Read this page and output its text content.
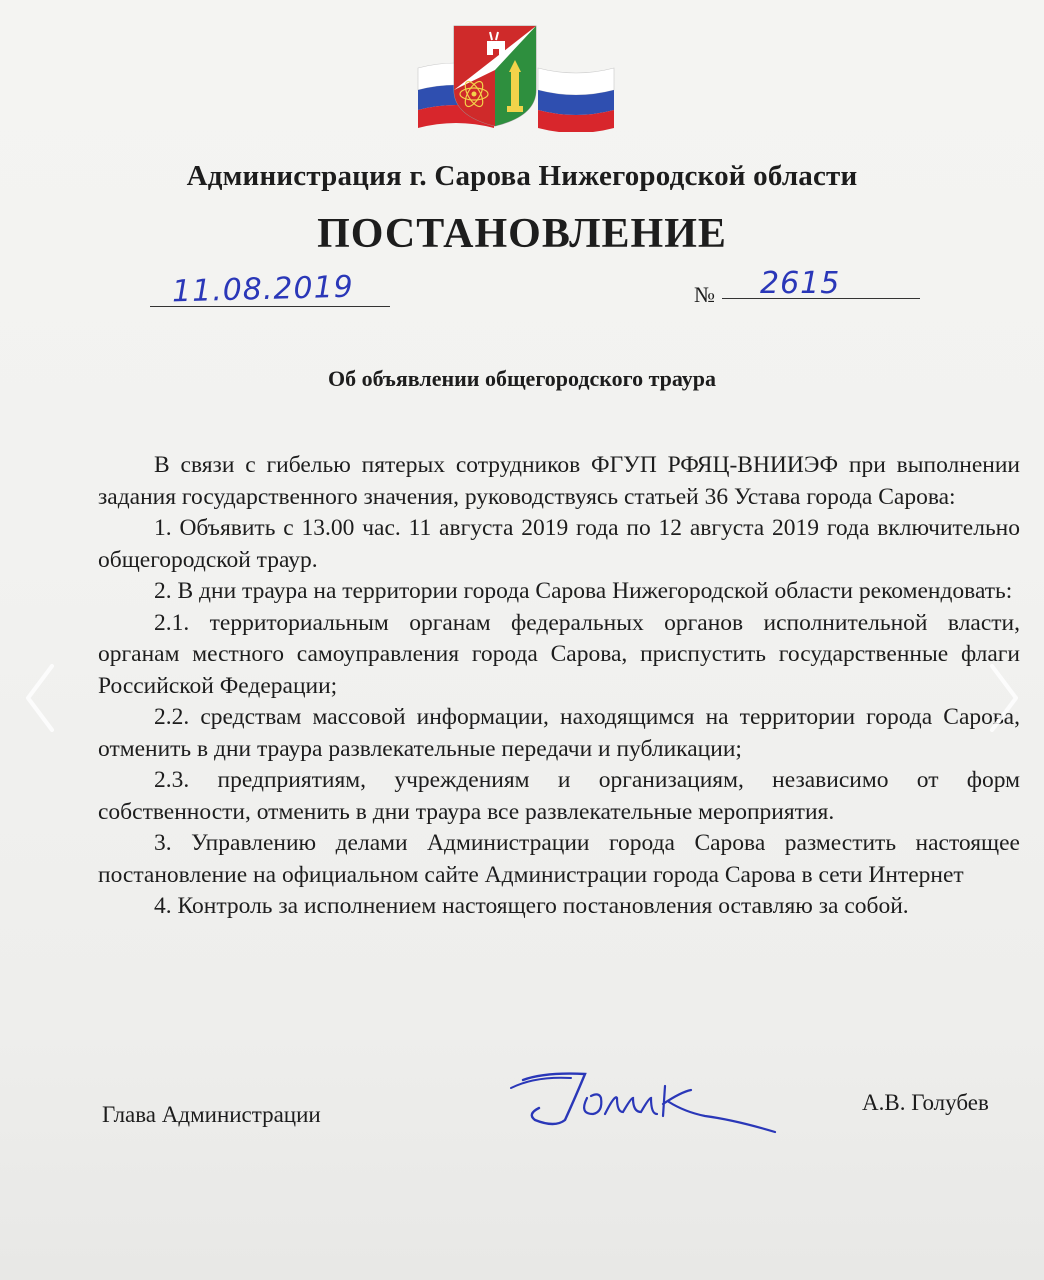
Администрация г. Сарова Нижегородской области
ПОСТАНОВЛЕНИЕ
11.08.2019	№ 2615
Об объявлении общегородского траура

В связи с гибелью пятерых сотрудников ФГУП РФЯЦ-ВНИИЭФ при выполнении задания государственного значения, руководствуясь статьей 36 Устава города Сарова:

1. Объявить с 13.00 час. 11 августа 2019 года по 12 августа 2019 года включительно общегородской траур.

2. В дни траура на территории города Сарова Нижегородской области рекомендовать:

2.1. территориальным органам федеральных органов исполнительной власти, органам местного самоуправления города Сарова, приспустить государственные флаги Российской Федерации;

2.2. средствам массовой информации, находящимся на территории города Сарова, отменить в дни траура развлекательные передачи и публикации;

2.3. предприятиям, учреждениям и организациям, независимо от форм собственности, отменить в дни траура все развлекательные мероприятия.

3. Управлению делами Администрации города Сарова разместить настоящее постановление на официальном сайте Администрации города Сарова в сети Интернет

4. Контроль за исполнением настоящего постановления оставляю за собой.

Глава Администрации	А.В. Голубев
